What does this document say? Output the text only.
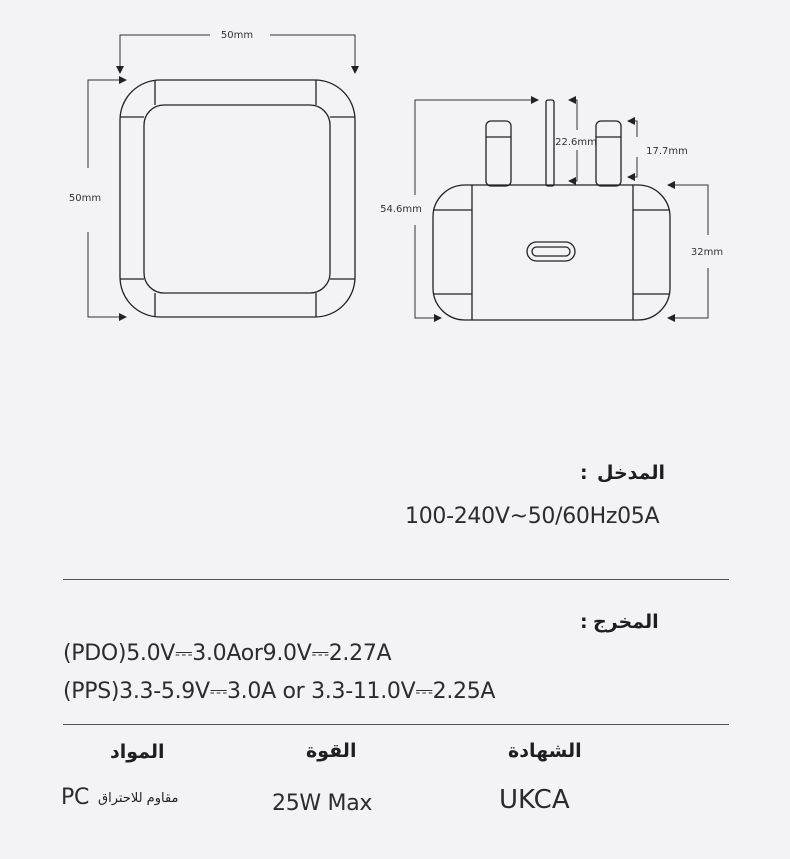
50mm
50mm
54.6mm
22.6mm
17.7mm
32mm
المدخل
:
100-240V~50/60Hz05A
المخرج
:
(PDO)5.0V⎓3.0Aor9.0V⎓2.27A
(PPS)3.3-5.9V⎓3.0A or 3.3-11.0V⎓2.25A
المواد
PC مقاوم للاحتراق
القوة
25W Max
الشهادة
UKCA
